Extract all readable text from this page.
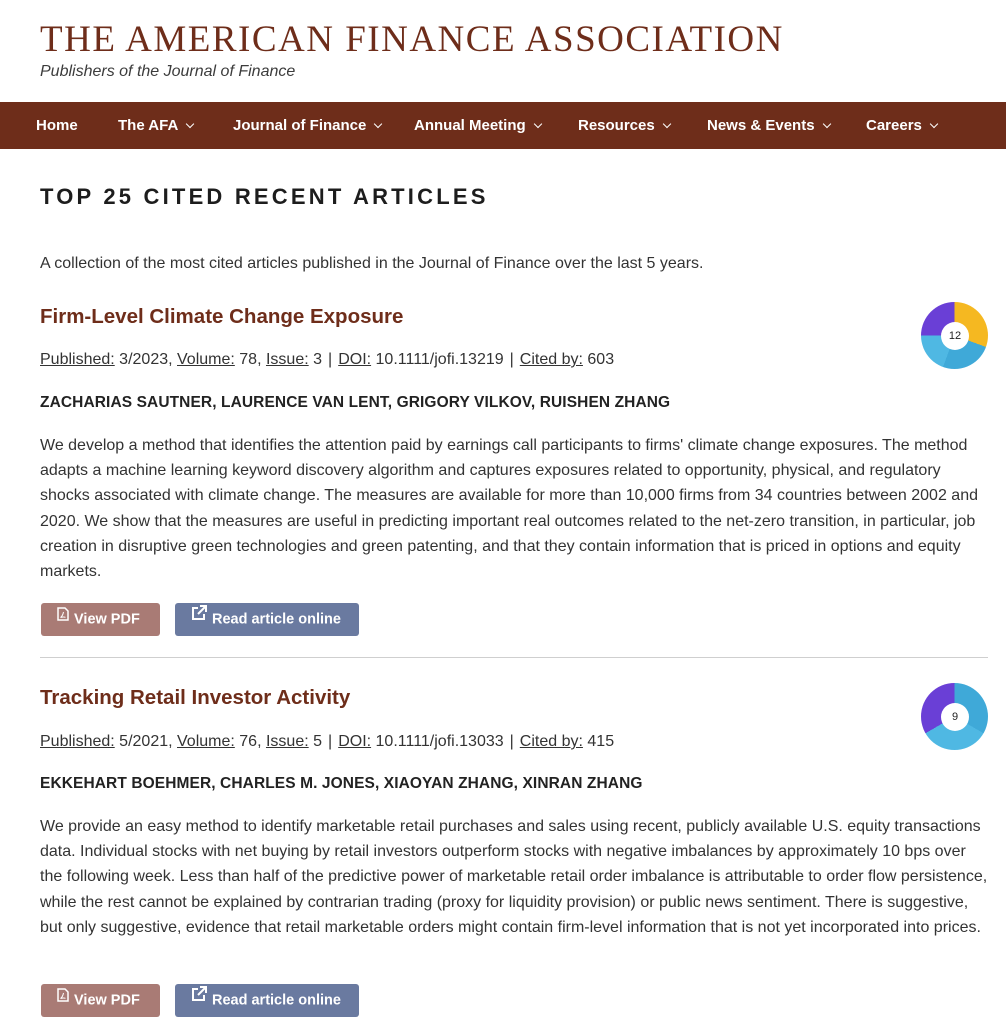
THE AMERICAN FINANCE ASSOCIATION
Publishers of the Journal of Finance
Home	The AFA	Journal of Finance	Annual Meeting	Resources	News & Events	Careers
TOP 25 CITED RECENT ARTICLES

A collection of the most cited articles published in the Journal of Finance over the last 5 years.

Firm‐Level Climate Change Exposure
Published: 3/2023, Volume: 78, Issue: 3 | DOI: 10.1111/jofi.13219 | Cited by: 603
ZACHARIAS SAUTNER, LAURENCE VAN LENT, GRIGORY VILKOV, RUISHEN ZHANG
We develop a method that identifies the attention paid by earnings call participants to firms' climate change exposures. The method adapts a machine learning keyword discovery algorithm and captures exposures related to opportunity, physical, and regulatory shocks associated with climate change. The measures are available for more than 10,000 firms from 34 countries between 2002 and 2020. We show that the measures are useful in predicting important real outcomes related to the net‐zero transition, in particular, job creation in disruptive green technologies and green patenting, and that they contain information that is priced in options and equity markets.
View PDF	Read article online
12
Tracking Retail Investor Activity
Published: 5/2021, Volume: 76, Issue: 5 | DOI: 10.1111/jofi.13033 | Cited by: 415
EKKEHART BOEHMER, CHARLES M. JONES, XIAOYAN ZHANG, XINRAN ZHANG
We provide an easy method to identify marketable retail purchases and sales using recent, publicly available U.S. equity transactions data. Individual stocks with net buying by retail investors outperform stocks with negative imbalances by approximately 10 bps over the following week. Less than half of the predictive power of marketable retail order imbalance is attributable to order flow persistence, while the rest cannot be explained by contrarian trading (proxy for liquidity provision) or public news sentiment. There is suggestive, but only suggestive, evidence that retail marketable orders might contain firm‐level information that is not yet incorporated into prices.
View PDF	Read article online
9
